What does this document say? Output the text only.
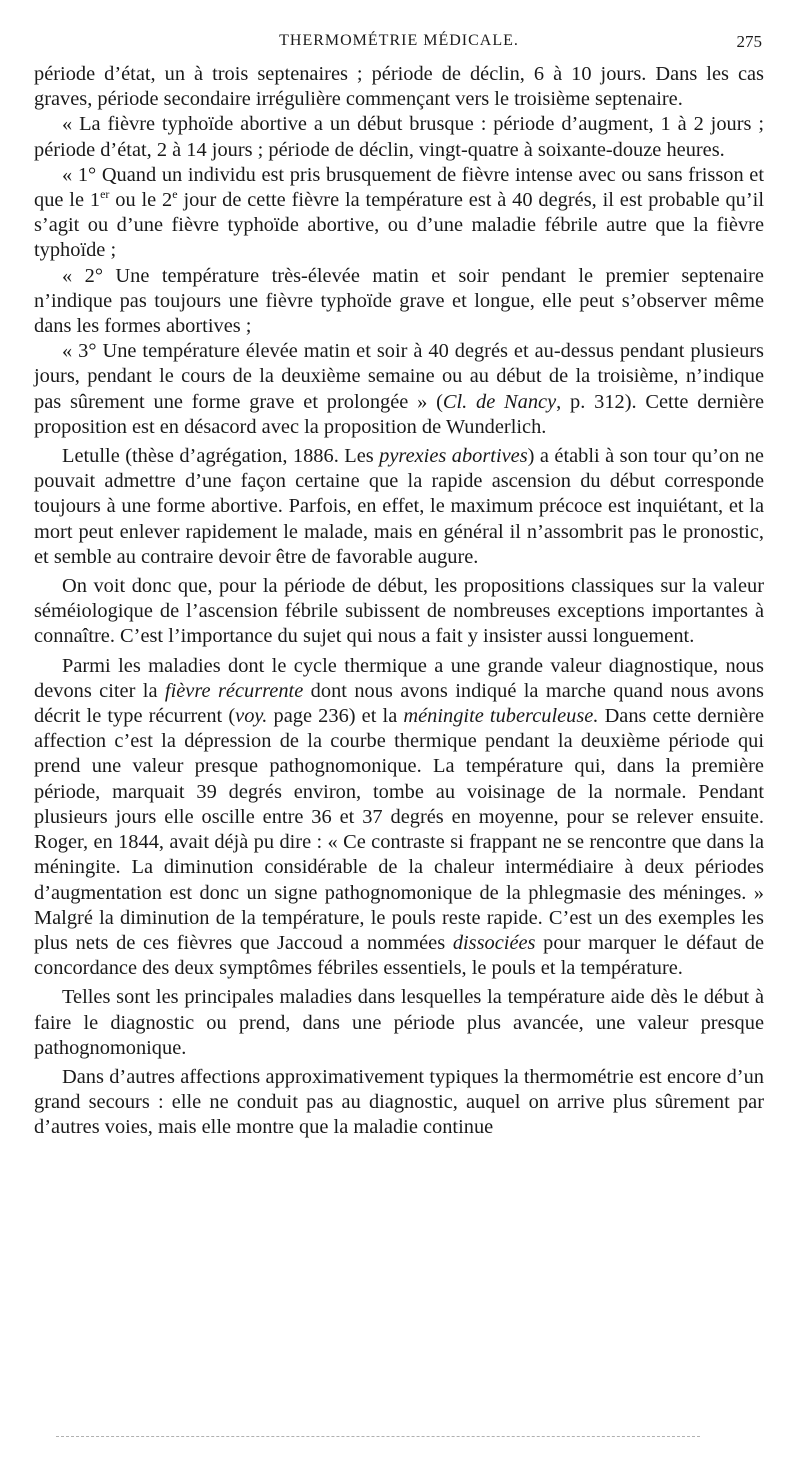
THERMOMÉTRIE MÉDICALE.	275

période d’état, un à trois septenaires ; période de déclin, 6 à 10 jours. Dans les cas graves, période secondaire irrégulière commençant vers le troisième septenaire.

« La fièvre typhoïde abortive a un début brusque : période d’augment, 1 à 2 jours ; période d’état, 2 à 14 jours ; période de déclin, vingt-quatre à soixante-douze heures.

« 1° Quand un individu est pris brusquement de fièvre intense avec ou sans frisson et que le 1er ou le 2e jour de cette fièvre la température est à 40 degrés, il est probable qu’il s’agit ou d’une fièvre typhoïde abortive, ou d’une maladie fébrile autre que la fièvre typhoïde ;

« 2° Une température très-élevée matin et soir pendant le premier septenaire n’indique pas toujours une fièvre typhoïde grave et longue, elle peut s’observer même dans les formes abortives ;

« 3° Une température élevée matin et soir à 40 degrés et au-dessus pendant plusieurs jours, pendant le cours de la deuxième semaine ou au début de la troisième, n’indique pas sûrement une forme grave et prolongée » (Cl. de Nancy, p. 312). Cette dernière proposition est en désacord avec la proposition de Wunderlich.

Letulle (thèse d’agrégation, 1886. Les pyrexies abortives) a établi à son tour qu’on ne pouvait admettre d’une façon certaine que la rapide ascension du début corresponde toujours à une forme abortive. Parfois, en effet, le maximum précoce est inquiétant, et la mort peut enlever rapidement le malade, mais en général il n’assombrit pas le pronostic, et semble au contraire devoir être de favorable augure.

On voit donc que, pour la période de début, les propositions classiques sur la valeur séméiologique de l’ascension fébrile subissent de nombreuses exceptions importantes à connaître. C’est l’importance du sujet qui nous a fait y insister aussi longuement.

Parmi les maladies dont le cycle thermique a une grande valeur diagnostique, nous devons citer la fièvre récurrente dont nous avons indiqué la marche quand nous avons décrit le type récurrent (voy. page 236) et la méningite tuberculeuse. Dans cette dernière affection c’est la dépression de la courbe thermique pendant la deuxième période qui prend une valeur presque pathognomonique. La température qui, dans la première période, marquait 39 degrés environ, tombe au voisinage de la normale. Pendant plusieurs jours elle oscille entre 36 et 37 degrés en moyenne, pour se relever ensuite. Roger, en 1844, avait déjà pu dire : « Ce contraste si frappant ne se rencontre que dans la méningite. La diminution considérable de la chaleur intermédiaire à deux périodes d’augmentation est donc un signe pathognomonique de la phlegmasie des méninges. » Malgré la diminution de la température, le pouls reste rapide. C’est un des exemples les plus nets de ces fièvres que Jaccoud a nommées dissociées pour marquer le défaut de concordance des deux symptômes fébriles essentiels, le pouls et la température.

Telles sont les principales maladies dans lesquelles la température aide dès le début à faire le diagnostic ou prend, dans une période plus avancée, une valeur presque pathognomonique.

Dans d’autres affections approximativement typiques la thermométrie est encore d’un grand secours : elle ne conduit pas au diagnostic, auquel on arrive plus sûrement par d’autres voies, mais elle montre que la maladie continue
